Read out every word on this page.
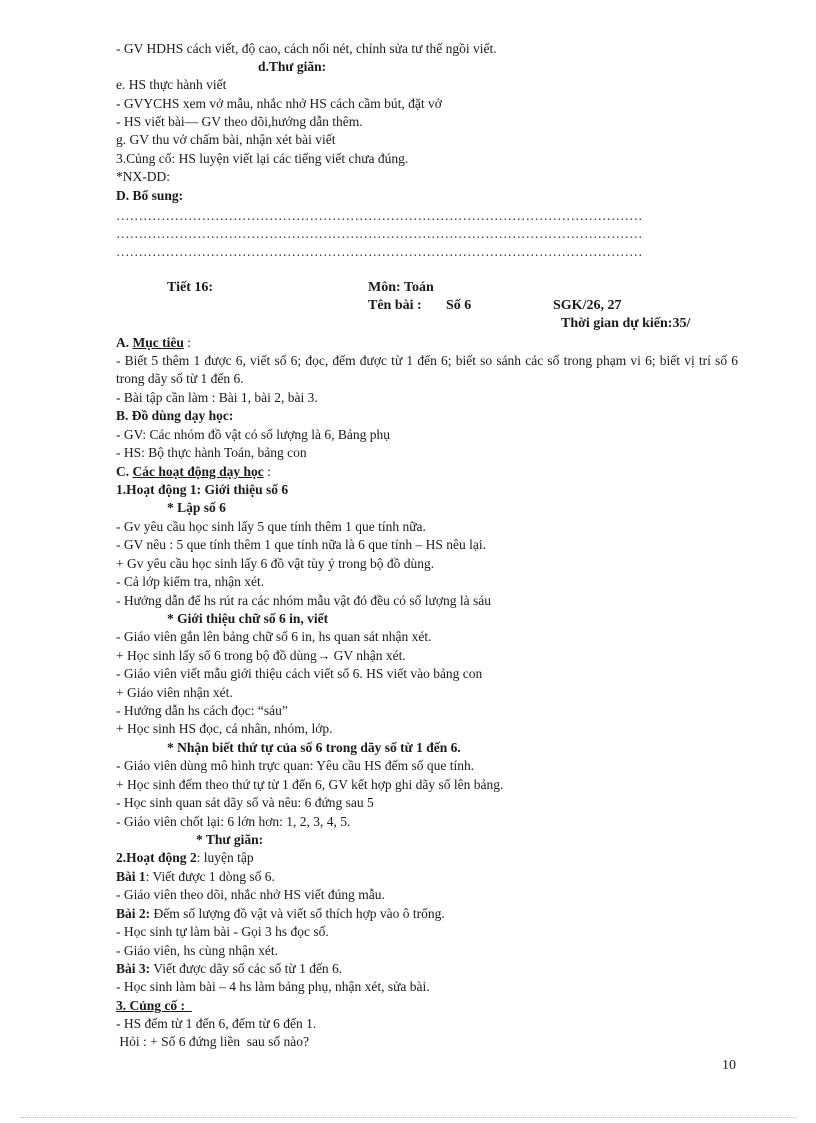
- GV HDHS cách viết, độ cao, cách nối nét, chỉnh sửa tư thế ngồi viết.
d.Thư giãn:
e. HS thực hành viết
- GVYCHS xem vở mẫu, nhắc nhở HS cách cầm bút, đặt vở
- HS viết bài— GV theo dõi,hướng dẫn thêm.
g. GV thu vở chấm bài, nhận xét bài viết
3.Củng cố: HS luyện viết lại các tiếng viết chưa đúng.
*NX-DD:
D. Bổ sung:
………………………………………………………………………………………………………
………………………………………………………………………………………………………
………………………………………………………………………………………………………
Tiết 16:	Môn: Toán
Tên bài : Số 6	SGK/26, 27
Thời gian dự kiến:35/
A. Mục tiêu :
- Biết 5 thêm 1 được 6, viết số 6; đọc, đếm được từ 1 đến 6; biết so sánh các số trong phạm vi 6; biết vị trí số 6 trong dãy số từ 1 đến 6.
- Bài tập cần làm : Bài 1, bài 2, bài 3.
B. Đồ dùng dạy học:
- GV: Các nhóm đồ vật có số lượng là 6, Bảng phụ
- HS: Bộ thực hành Toán, bảng con
C. Các hoạt động dạy học :
1.Hoạt động 1: Giới thiệu số 6
* Lập số 6
- Gv yêu cầu học sinh lấy 5 que tính thêm 1 que tính nữa.
- GV nêu : 5 que tính thêm 1 que tính nữa là 6 que tính – HS nêu lại.
+ Gv yêu cầu học sinh lấy 6 đồ vật tùy ý trong bộ đồ dùng.
- Cả lớp kiểm tra, nhận xét.
- Hướng dẫn để hs rút ra các nhóm mẫu vật đó đều có số lượng là sáu
* Giới thiệu chữ số 6 in, viết
- Giáo viên gắn lên bảng chữ số 6 in, hs quan sát nhận xét.
+ Học sinh lấy số 6 trong bộ đồ dùng→ GV nhận xét.
- Giáo viên viết mẫu giới thiệu cách viết số 6. HS viết vào bảng con
+ Giáo viên nhận xét.
- Hướng dẫn hs cách đọc: “sáu”
+ Học sinh HS đọc, cá nhân, nhóm, lớp.
* Nhận biết thứ tự của số 6 trong dãy số từ 1 đến 6.
- Giáo viên dùng mô hình trực quan: Yêu cầu HS đếm số que tính.
+ Học sinh đếm theo thứ tự từ 1 đến 6, GV kết hợp ghi dãy số lên bảng.
- Học sinh quan sát dãy số và nêu: 6 đứng sau 5
- Giáo viên chốt lại: 6 lớn hơn: 1, 2, 3, 4, 5.
* Thư giãn:
2.Hoạt động 2: luyện tập
Bài 1: Viết được 1 dòng số 6.
- Giáo viên theo dõi, nhắc nhở HS viết đúng mẫu.
Bài 2: Đếm số lượng đồ vật và viết số thích hợp vào ô trống.
- Học sinh tự làm bài - Gọi 3 hs đọc số.
- Giáo viên, hs cùng nhận xét.
Bài 3: Viết được dãy số các số từ 1 đến 6.
- Học sinh làm bài – 4 hs làm bảng phụ, nhận xét, sửa bài.
3. Củng cố :
- HS đếm từ 1 đến 6, đếm từ 6 đến 1.
Hỏi : + Số 6 đứng liền  sau số nào?
10
